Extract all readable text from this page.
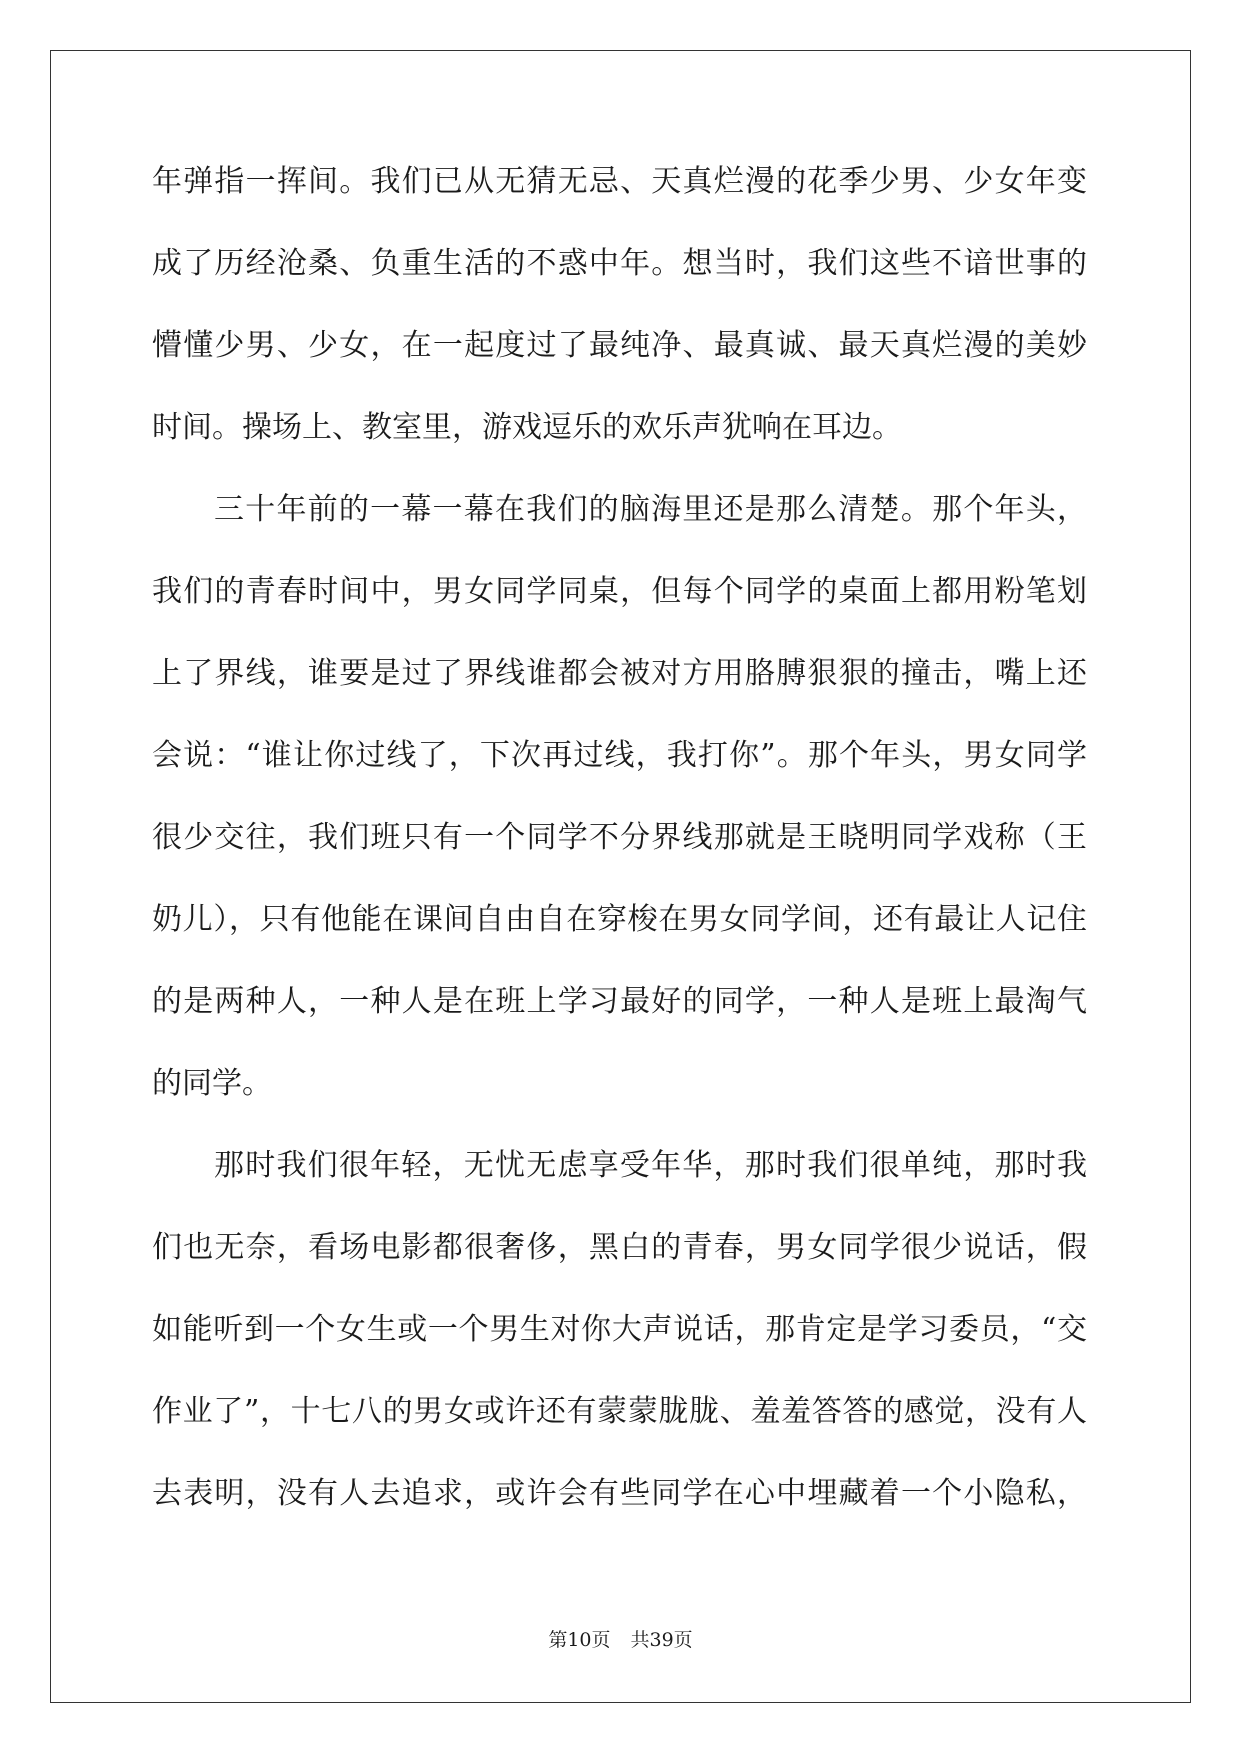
年弹指一挥间。我们已从无猜无忌、天真烂漫的花季少男、少女年变
成了历经沧桑、负重生活的不惑中年。想当时，我们这些不谙世事的
懵懂少男、少女，在一起度过了最纯净、最真诚、最天真烂漫的美妙
时间。操场上、教室里，游戏逗乐的欢乐声犹响在耳边。
三十年前的一幕一幕在我们的脑海里还是那么清楚。那个年头，
我们的青春时间中，男女同学同桌，但每个同学的桌面上都用粉笔划
上了界线，谁要是过了界线谁都会被对方用胳膊狠狠的撞击，嘴上还
会说：“谁让你过线了，下次再过线，我打你”。那个年头，男女同学
很少交往，我们班只有一个同学不分界线那就是王晓明同学戏称（王
奶儿），只有他能在课间自由自在穿梭在男女同学间，还有最让人记住
的是两种人，一种人是在班上学习最好的同学，一种人是班上最淘气
的同学。
那时我们很年轻，无忧无虑享受年华，那时我们很单纯，那时我
们也无奈，看场电影都很奢侈，黑白的青春，男女同学很少说话，假
如能听到一个女生或一个男生对你大声说话，那肯定是学习委员，“交
作业了”，十七八的男女或许还有蒙蒙胧胧、羞羞答答的感觉，没有人
去表明，没有人去追求，或许会有些同学在心中埋藏着一个小隐私，
第10页 共39页
